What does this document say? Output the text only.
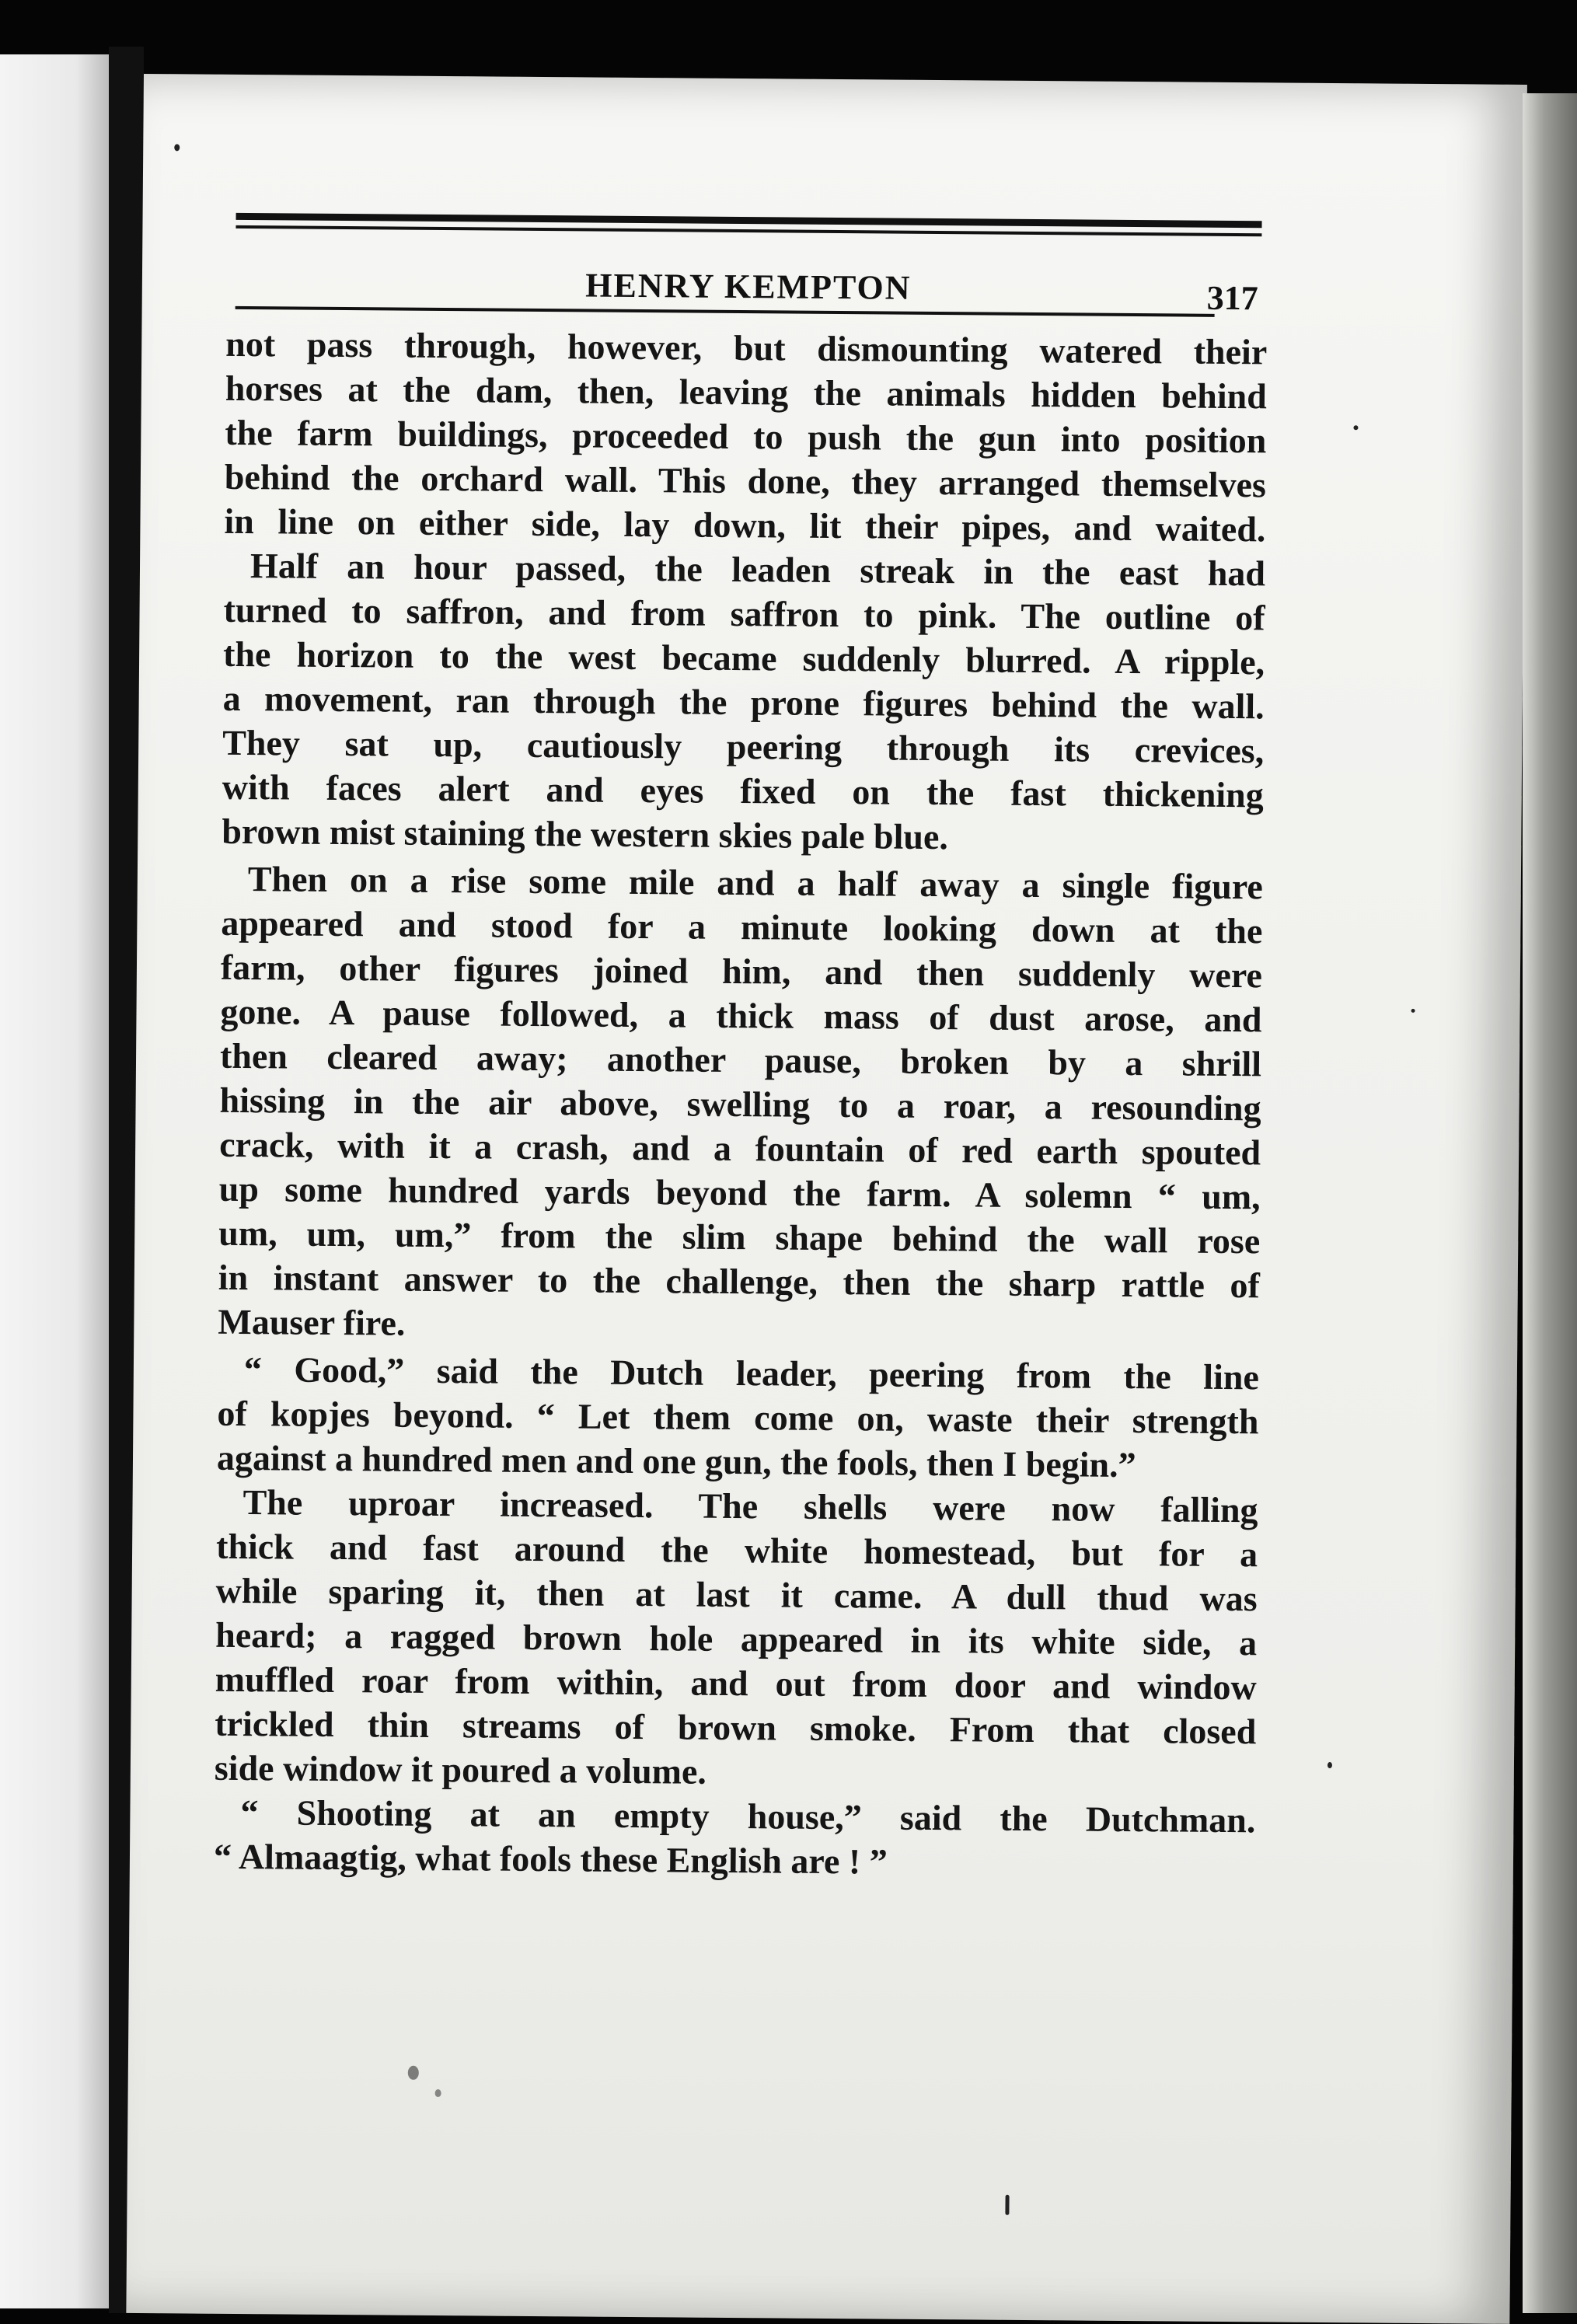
HENRY KEMPTON	317
not pass through, however, but dismounting watered their
horses at the dam, then, leaving the animals hidden behind
the farm buildings, proceeded to push the gun into position
behind the orchard wall. This done, they arranged themselves
in line on either side, lay down, lit their pipes, and waited.
Half an hour passed, the leaden streak in the east had
turned to saffron, and from saffron to pink. The outline of
the horizon to the west became suddenly blurred. A ripple,
a movement, ran through the prone figures behind the wall.
They sat up, cautiously peering through its crevices,
with faces alert and eyes fixed on the fast thickening
brown mist staining the western skies pale blue.
Then on a rise some mile and a half away a single figure
appeared and stood for a minute looking down at the
farm, other figures joined him, and then suddenly were
gone. A pause followed, a thick mass of dust arose, and
then cleared away; another pause, broken by a shrill
hissing in the air above, swelling to a roar, a resounding
crack, with it a crash, and a fountain of red earth spouted
up some hundred yards beyond the farm. A solemn “ um,
um, um, um,” from the slim shape behind the wall rose
in instant answer to the challenge, then the sharp rattle of
Mauser fire.
“ Good,” said the Dutch leader, peering from the line
of kopjes beyond. “ Let them come on, waste their strength
against a hundred men and one gun, the fools, then I begin.”
The uproar increased. The shells were now falling
thick and fast around the white homestead, but for a
while sparing it, then at last it came. A dull thud was
heard; a ragged brown hole appeared in its white side, a
muffled roar from within, and out from door and window
trickled thin streams of brown smoke. From that closed
side window it poured a volume.
“ Shooting at an empty house,” said the Dutchman.
“ Almaagtig, what fools these English are ! ”
